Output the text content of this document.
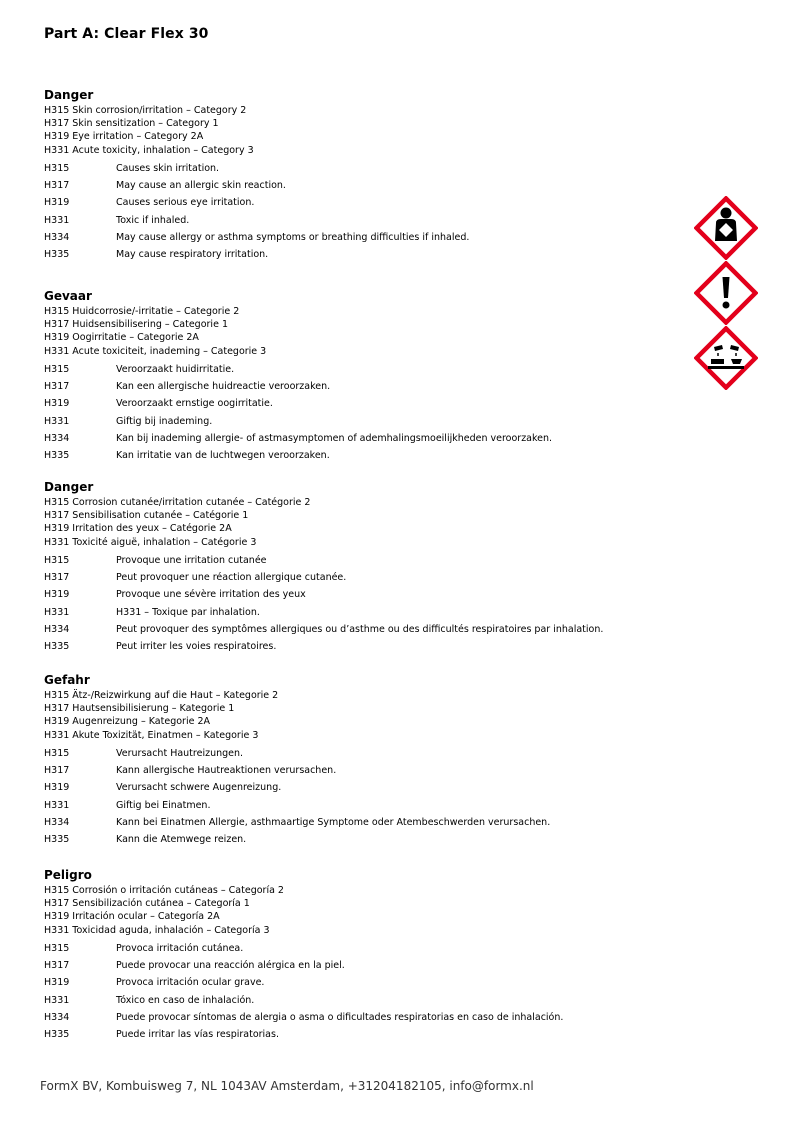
Part A: Clear Flex 30
Danger
H315 Skin corrosion/irritation – Category 2
H317 Skin sensitization – Category 1
H319 Eye irritation – Category 2A
H331 Acute toxicity, inhalation – Category 3
H315	Causes skin irritation.
H317	May cause an allergic skin reaction.
H319	Causes serious eye irritation.
H331	Toxic if inhaled.
H334	May cause allergy or asthma symptoms or breathing difficulties if inhaled.
H335	May cause respiratory irritation.
Gevaar
H315 Huidcorrosie/-irritatie – Categorie 2
H317 Huidsensibilisering – Categorie 1
H319 Oogirritatie – Categorie 2A
H331 Acute toxiciteit, inademing – Categorie 3
H315	Veroorzaakt huidirritatie.
H317	Kan een allergische huidreactie veroorzaken.
H319	Veroorzaakt ernstige oogirritatie.
H331	Giftig bij inademing.
H334	Kan bij inademing allergie- of astmasymptomen of ademhalingsmoeilijkheden veroorzaken.
H335	Kan irritatie van de luchtwegen veroorzaken.
Danger
H315 Corrosion cutanée/irritation cutanée – Catégorie 2
H317 Sensibilisation cutanée – Catégorie 1
H319 Irritation des yeux – Catégorie 2A
H331 Toxicité aiguë, inhalation – Catégorie 3
H315	Provoque une irritation cutanée
H317	Peut provoquer une réaction allergique cutanée.
H319	Provoque une sévère irritation des yeux
H331	H331 – Toxique par inhalation.
H334	Peut provoquer des symptômes allergiques ou d’asthme ou des difficultés respiratoires par inhalation.
H335	Peut irriter les voies respiratoires.
Gefahr
H315 Ätz-/Reizwirkung auf die Haut – Kategorie 2
H317 Hautsensibilisierung – Kategorie 1
H319 Augenreizung – Kategorie 2A
H331 Akute Toxizität, Einatmen – Kategorie 3
H315	Verursacht Hautreizungen.
H317	Kann allergische Hautreaktionen verursachen.
H319	Verursacht schwere Augenreizung.
H331	Giftig bei Einatmen.
H334	Kann bei Einatmen Allergie, asthmaartige Symptome oder Atembeschwerden verursachen.
H335	Kann die Atemwege reizen.
Peligro
H315 Corrosión o irritación cutáneas – Categoría 2
H317 Sensibilización cutánea – Categoría 1
H319 Irritación ocular – Categoría 2A
H331 Toxicidad aguda, inhalación – Categoría 3
H315	Provoca irritación cutánea.
H317	Puede provocar una reacción alérgica en la piel.
H319	Provoca irritación ocular grave.
H331	Tóxico en caso de inhalación.
H334	Puede provocar síntomas de alergia o asma o dificultades respiratorias en caso de inhalación.
H335	Puede irritar las vías respiratorias.
FormX BV, Kombuisweg 7, NL 1043AV Amsterdam, +31204182105, info@formx.nl
